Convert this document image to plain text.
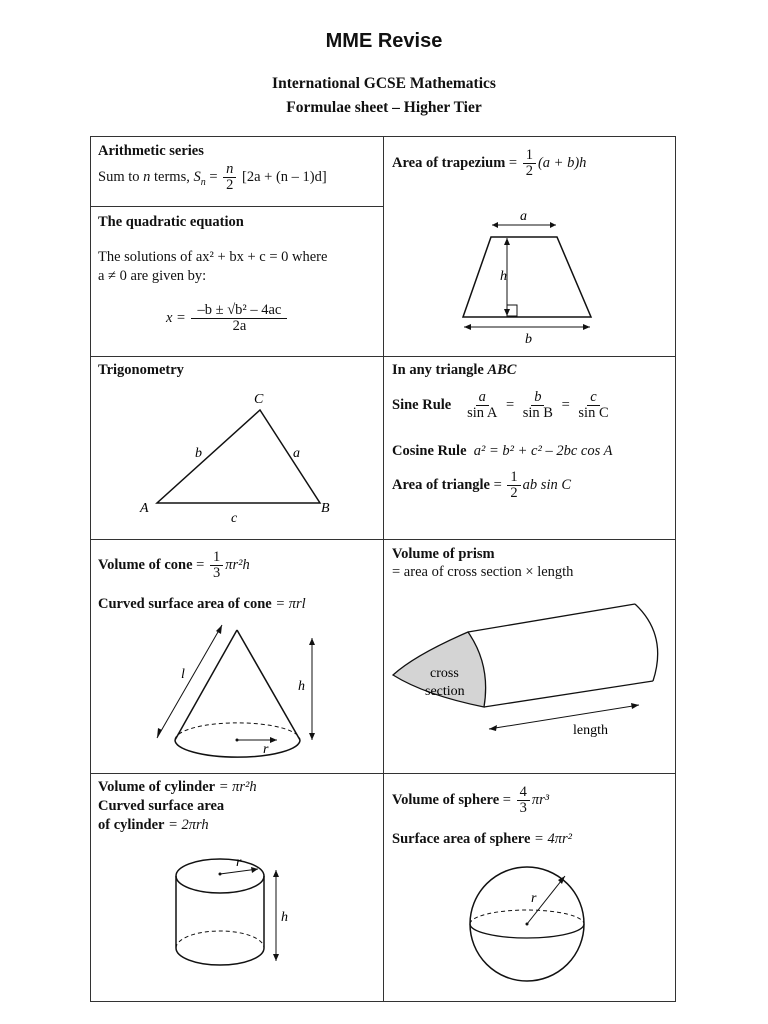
MME Revise
International GCSE Mathematics
Formulae sheet – Higher Tier
Arithmetic series
Sum to n terms, $S_n = \frac{n}{2} [2a + (n - 1)d]$
Area of trapezium = $\frac{1}{2} (a + b)h$
a
h
b
The quadratic equation
The solutions of ax² + bx + c = 0 where
a ≠ 0 are given by:
$x = \frac{\text{–b ± √b² – 4ac}}{2a}$
Trigonometry
C
A	B
b	a
c
In any triangle ABC
Sine Rule $\frac{a}{\text{sin A}} = \frac{b}{\text{sin B}} = \frac{c}{\text{sin C}}$
Cosine Rule a² = b² + c² – 2bc cos A
Area of triangle = $\frac{1}{2}$ ab sin C
Volume of cone = $\frac{1}{3} \pi r^2h$
Curved surface area of cone = πrl
l
h
r
Volume of prism
= area of cross section × length
cross
section
length
Volume of cylinder = πr²h
Curved surface area
of cylinder = 2πrh
r
h
Volume of sphere = $\frac{4}{3} \pi r^3$
Surface area of sphere = 4πr²
r
